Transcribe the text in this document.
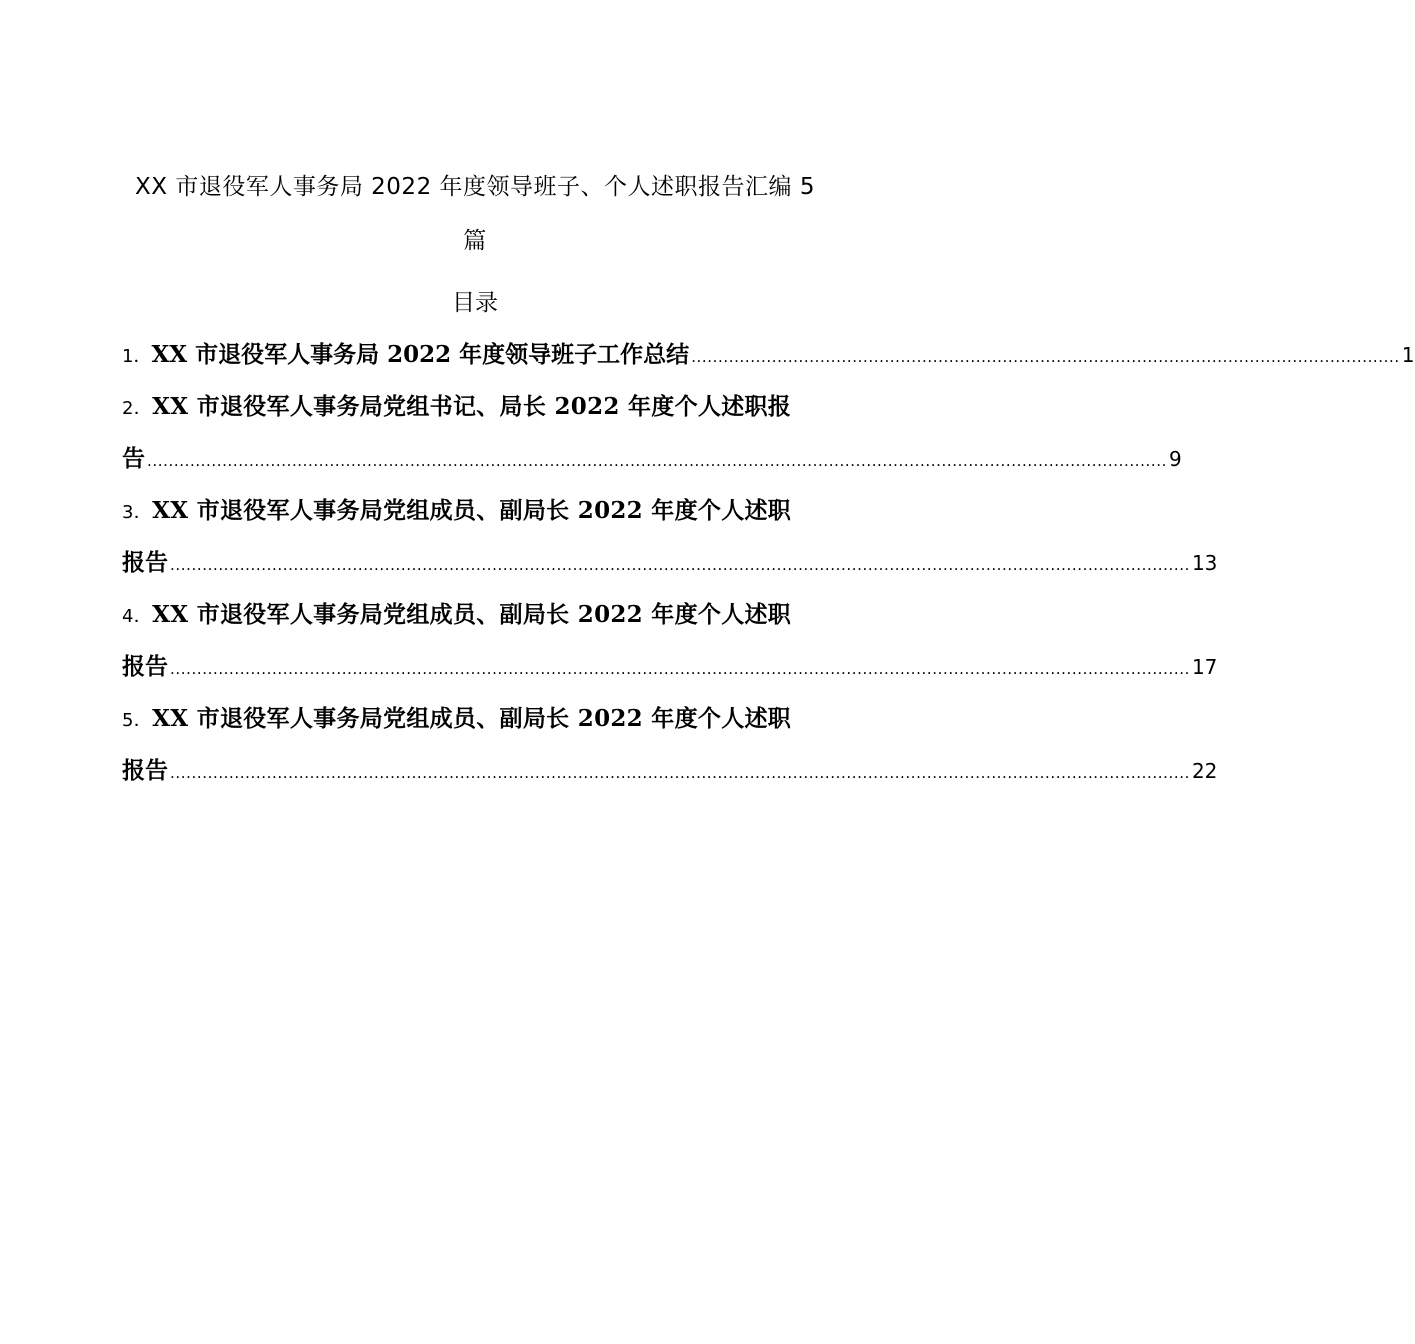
XX 市退役军人事务局 2022 年度领导班子、个人述职报告汇编 5
篇
目录
1．XX 市退役军人事务局 2022 年度领导班子工作总结 .................................................................................................................................... 1
2．XX 市退役军人事务局党组书记、局长 2022 年度个人述职报
告 .............................................................................................................................................................................................. 9
3．XX 市退役军人事务局党组成员、副局长 2022 年度个人述职
报告 .............................................................................................................................................................................................. 13
4．XX 市退役军人事务局党组成员、副局长 2022 年度个人述职
报告 .............................................................................................................................................................................................. 17
5．XX 市退役军人事务局党组成员、副局长 2022 年度个人述职
报告 .............................................................................................................................................................................................. 22
